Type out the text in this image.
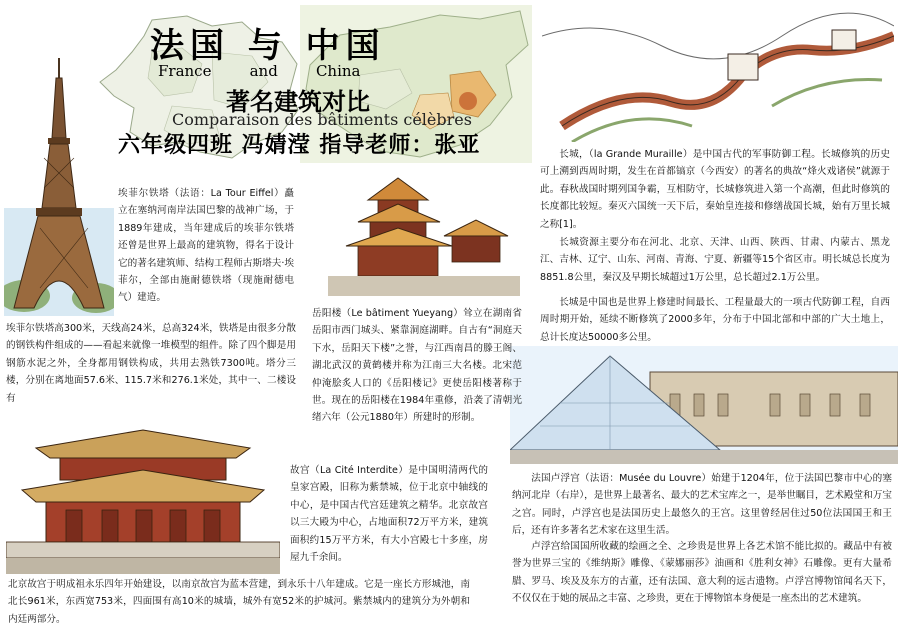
法国 与 中国
France        and        China
著名建筑对比
Comparaison des bâtiments célèbres
六年级四班 冯婧滢 指导老师：张亚
埃菲尔铁塔（法语：La Tour Eiffel）矗立在塞纳河南岸法国巴黎的战神广场，于1889年建成，当年建成后的埃菲尔铁塔还曾是世界上最高的建筑物，得名于设计它的著名建筑师、结构工程师古斯塔夫·埃菲尔，全部由施耐德铁塔（现施耐德电气）建造。
埃菲尔铁塔高300米，天线高24米，总高324米，铁塔是由很多分散的钢铁构件组成的——看起来就像一堆模型的组件。除了四个脚是用钢筋水泥之外，全身都用钢铁构成，共用去熟铁7300吨。塔分三楼，分别在离地面57.6米、115.7米和276.1米处，其中一、二楼设有
岳阳楼（Le bâtiment Yueyang）耸立在湖南省岳阳市西门城头、紧靠洞庭湖畔。自古有“洞庭天下水，岳阳天下楼”之誉，与江西南昌的滕王阁、湖北武汉的黄鹤楼并称为江南三大名楼。北宋范仲淹脍炙人口的《岳阳楼记》更使岳阳楼著称于世。现在的岳阳楼在1984年重修，沿袭了清朝光绪六年（公元1880年）所建时的形制。
故宫（La Cité Interdite）是中国明清两代的皇家宫殿，旧称为紫禁城，位于北京中轴线的中心，是中国古代宫廷建筑之精华。北京故宫以三大殿为中心，占地面积72万平方米，建筑面积约15万平方米，有大小宫殿七十多座，房屋九千余间。
北京故宫于明成祖永乐四年开始建设，以南京故宫为蓝本营建，到永乐十八年建成。它是一座长方形城池，南北长961米，东西宽753米，四面围有高10米的城墙，城外有宽52米的护城河。紫禁城内的建筑分为外朝和内廷两部分。
长城，（la Grande Muraille）是中国古代的军事防御工程。长城修筑的历史可上溯到西周时期，发生在首都镐京（今西安）的著名的典故“烽火戏诸侯”就源于此。春秋战国时期列国争霸，互相防守，长城修筑进入第一个高潮，但此时修筑的长度都比较短。秦灭六国统一天下后，秦始皇连接和修缮战国长城，始有万里长城之称[1]。
长城资源主要分布在河北、北京、天津、山西、陕西、甘肃、内蒙古、黑龙江、吉林、辽宁、山东、河南、青海、宁夏、新疆等15个省区市。明长城总长度为8851.8公里，秦汉及早期长城超过1万公里，总长超过2.1万公里。
长城是中国也是世界上修建时间最长、工程量最大的一项古代防御工程，自西周时期开始，延续不断修筑了2000多年，分布于中国北部和中部的广大土地上，总计长度达50000多公里。
法国卢浮宫（法语：Musée du Louvre）始建于1204年，位于法国巴黎市中心的塞纳河北岸（右岸），是世界上最著名、最大的艺术宝库之一，是举世瞩目，艺术殿堂和万宝之宫。同时，卢浮宫也是法国历史上最悠久的王宫。这里曾经居住过50位法国国王和王后，还有许多著名艺术家在这里生活。
卢浮宫给国国所收藏的绘画之全、之珍贵是世界上各艺术馆不能比拟的。藏品中有被誉为世界三宝的《维纳斯》雕像、《蒙娜丽莎》油画和《胜利女神》石雕像。更有大量希腊、罗马、埃及及东方的古董，还有法国、意大利的远古遗物。卢浮宫博物馆闻名天下，不仅仅在于她的展品之丰富、之珍贵，更在于博物馆本身便是一座杰出的艺术建筑。
